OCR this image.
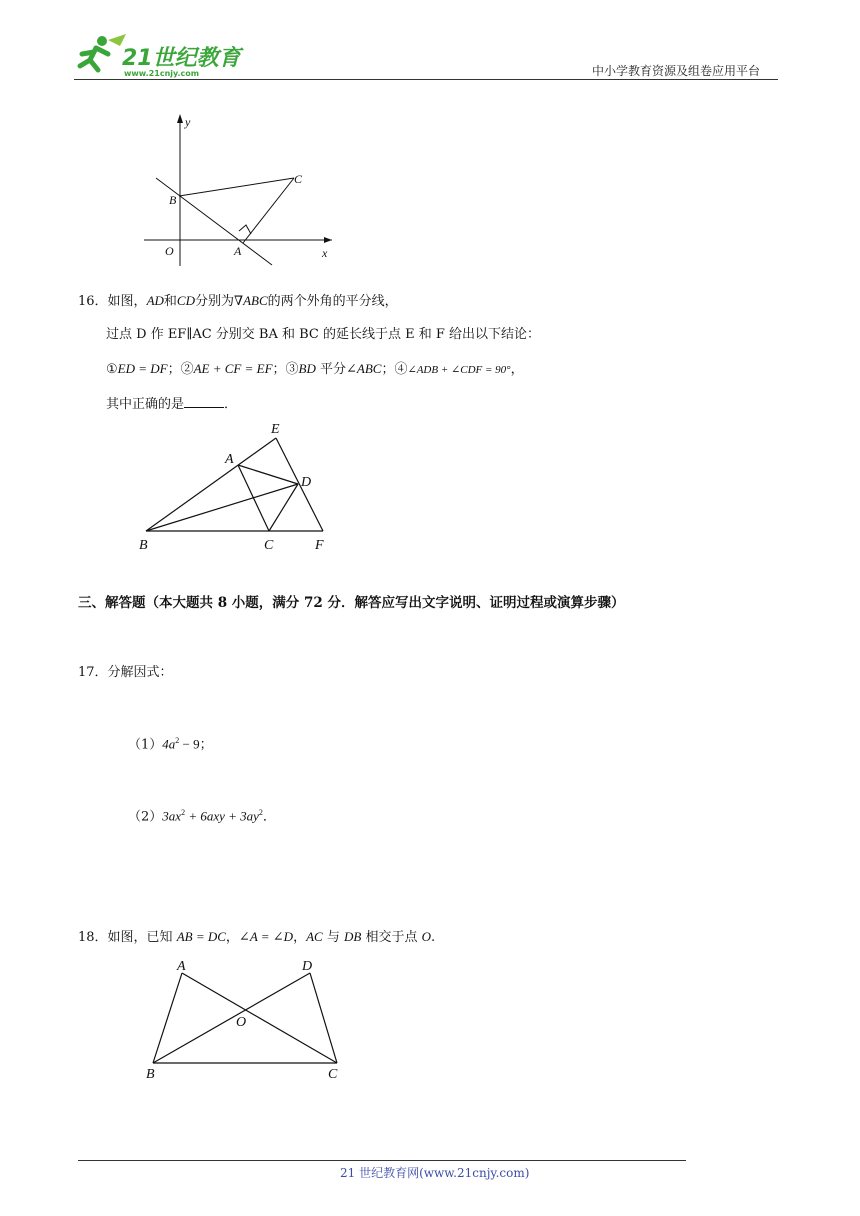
21世纪教育
www.21cnjy.com	中小学教育资源及组卷应用平台
y
x
B
C
O	A
16．如图，AD和CD分别为∇ABC的两个外角的平分线，
过点 D 作 EF∥AC 分别交 BA 和 BC 的延长线于点 E 和 F 给出以下结论：
①ED = DF；②AE + CF = EF；③BD 平分∠ABC；④∠ADB + ∠CDF = 90°，
其中正确的是	．
E
A
D
B	C	F
三、解答题（本大题共 8 小题，满分 72 分．解答应写出文字说明、证明过程或演算步骤）
17．分解因式：
$(1)4a^2 - 9$；
$(2)3ax^2 + 6axy + 3ay^2$．
18．如图，已知 AB = DC，∠A = ∠D，AC 与 DB 相交于点 O.
A	D
O
B	C
21 世纪教育网(www.21cnjy.com)
